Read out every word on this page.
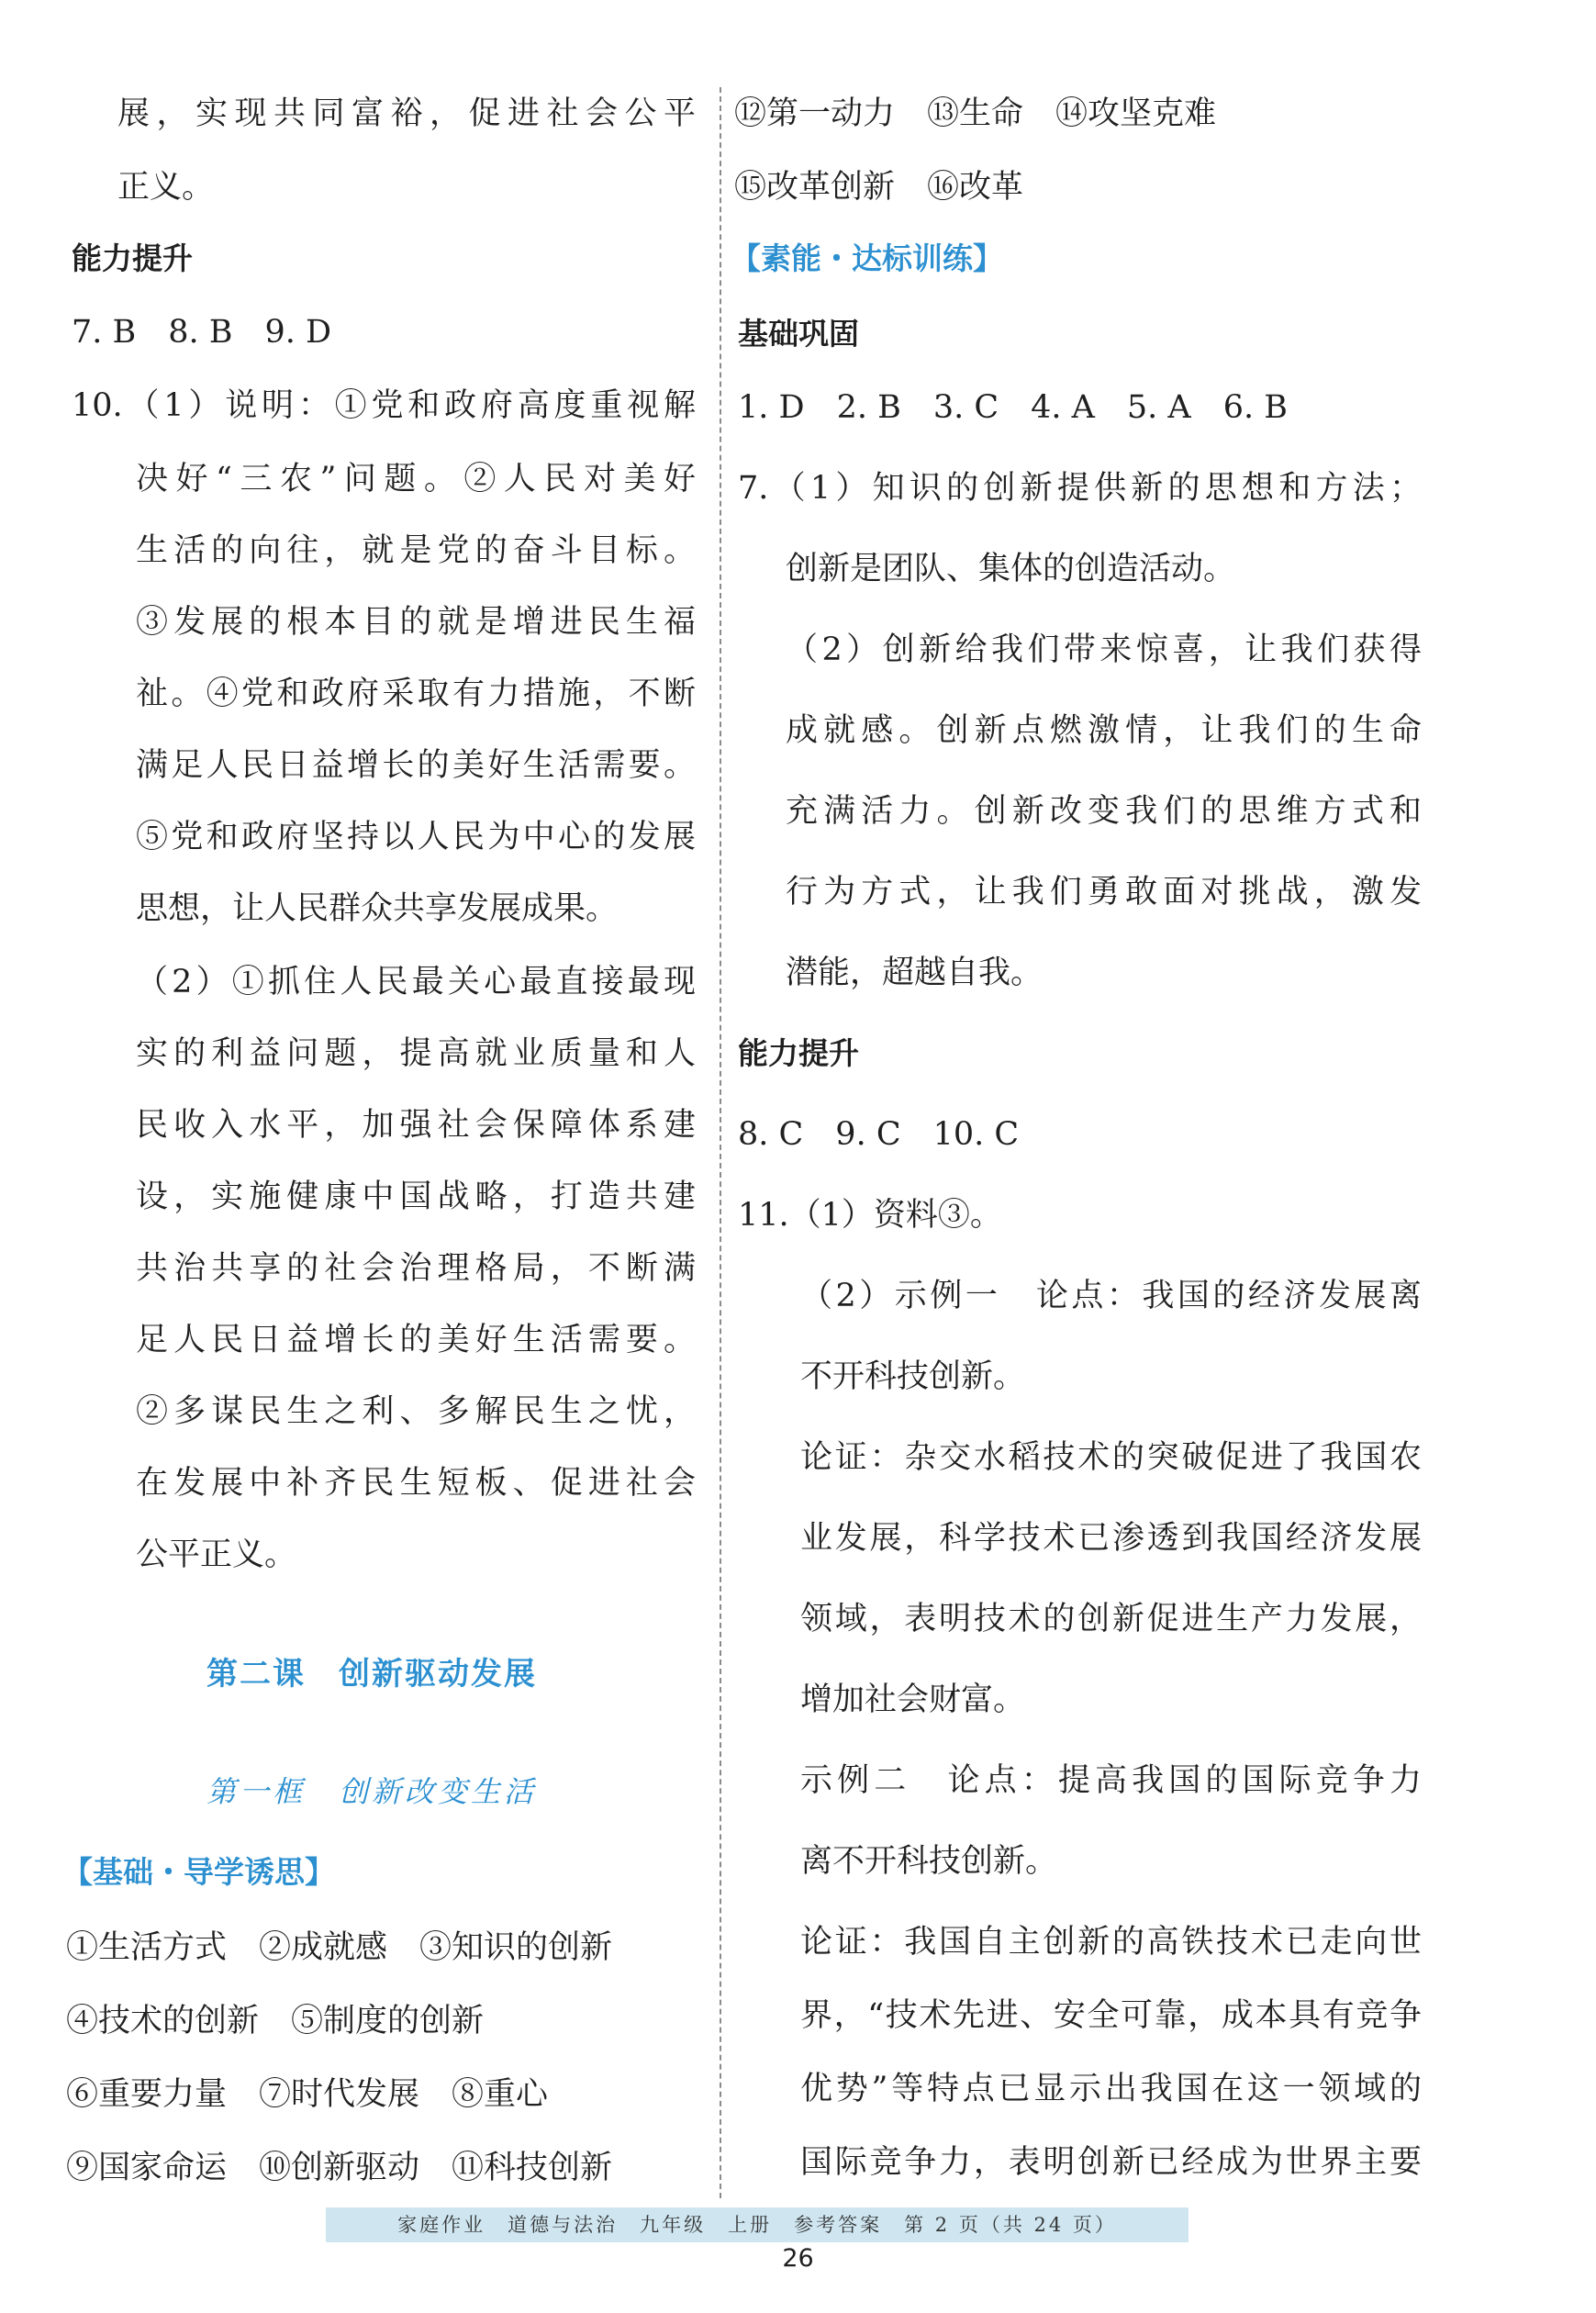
展，实现共同富裕，促进社会公平
正义。
能力提升
7. B　8. B　9. D
10.（1）说明：①党和政府高度重视解
决好“三农”问题。②人民对美好
生活的向往，就是党的奋斗目标。
③发展的根本目的就是增进民生福
祉。④党和政府采取有力措施，不断
满足人民日益增长的美好生活需要。
⑤党和政府坚持以人民为中心的发展
思想，让人民群众共享发展成果。
（2）①抓住人民最关心最直接最现
实的利益问题，提高就业质量和人
民收入水平，加强社会保障体系建
设，实施健康中国战略，打造共建
共治共享的社会治理格局，不断满
足人民日益增长的美好生活需要。
②多谋民生之利、多解民生之忧，
在发展中补齐民生短板、促进社会
公平正义。
第二课　创新驱动发展
第一框　创新改变生活
【基础・导学诱思】
①生活方式　②成就感　③知识的创新
④技术的创新　⑤制度的创新
⑥重要力量　⑦时代发展　⑧重心
⑨国家命运　⑩创新驱动　⑪科技创新
⑫第一动力　⑬生命　⑭攻坚克难
⑮改革创新　⑯改革
【素能・达标训练】
基础巩固
1. D　2. B　3. C　4. A　5. A　6. B
7.（1）知识的创新提供新的思想和方法；
创新是团队、集体的创造活动。
（2）创新给我们带来惊喜，让我们获得
成就感。创新点燃激情，让我们的生命
充满活力。创新改变我们的思维方式和
行为方式，让我们勇敢面对挑战，激发
潜能，超越自我。
能力提升
8. C　9. C　10. C
11.（1）资料③。
（2）示例一　论点：我国的经济发展离
不开科技创新。
论证：杂交水稻技术的突破促进了我国农
业发展，科学技术已渗透到我国经济发展
领域，表明技术的创新促进生产力发展，
增加社会财富。
示例二　论点：提高我国的国际竞争力
离不开科技创新。
论证：我国自主创新的高铁技术已走向世
界，“技术先进、安全可靠，成本具有竞争
优势”等特点已显示出我国在这一领域的
国际竞争力，表明创新已经成为世界主要
家庭作业　道德与法治　九年级　上册　参考答案　第 2 页（共 24 页）
26
